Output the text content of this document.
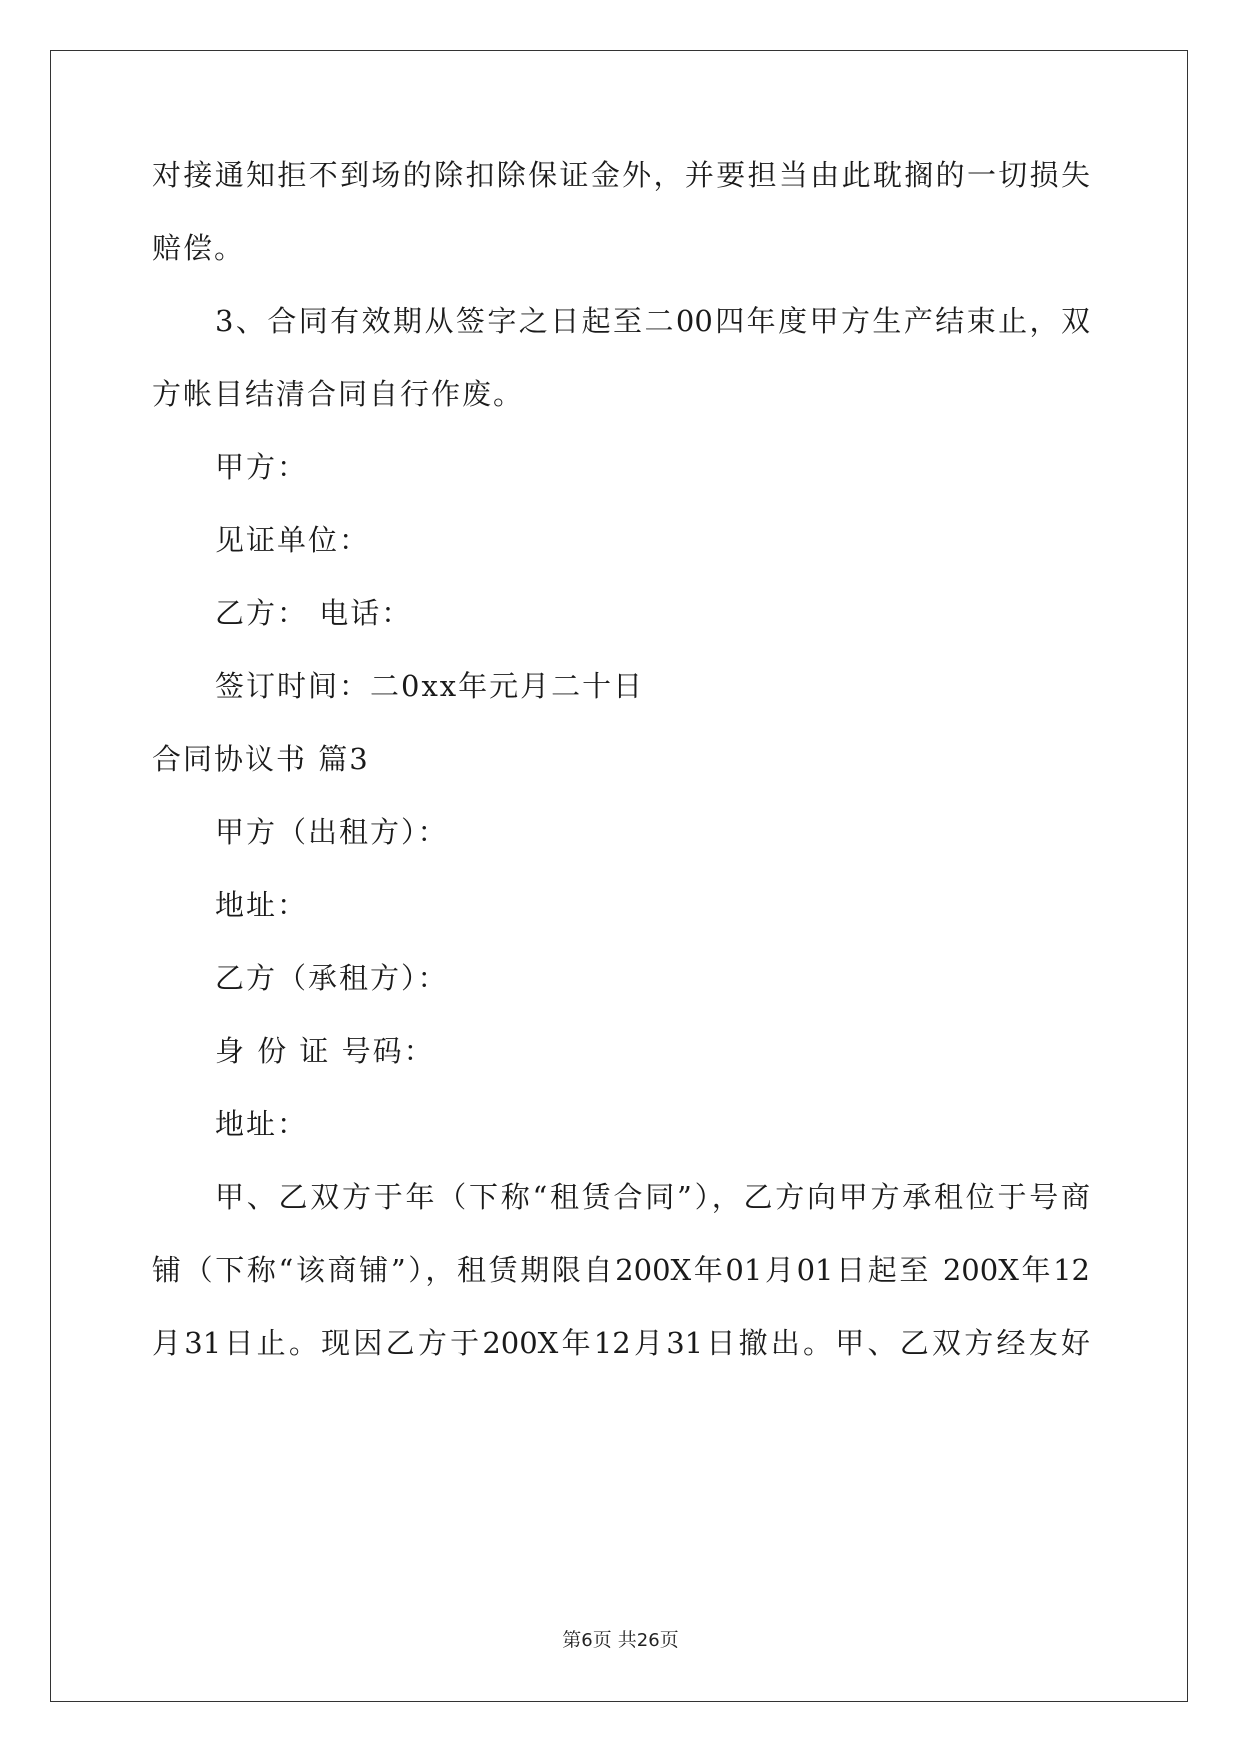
对接通知拒不到场的除扣除保证金外，并要担当由此耽搁的一切损失
赔偿。
3、合同有效期从签字之日起至二00四年度甲方生产结束止，双
方帐目结清合同自行作废。
甲方：
见证单位：
乙方： 电话：
签订时间：二0xx年元月二十日
合同协议书 篇3
甲方（出租方）：
地址：
乙方（承租方）：
身 份 证 号码：
地址：
甲、乙双方于年（下称“租赁合同”），乙方向甲方承租位于号商
铺（下称“该商铺”），租赁期限自200X年01月01日起至 200X年12
月31日止。现因乙方于200X年12月31日撤出。甲、乙双方经友好
第6页 共26页
